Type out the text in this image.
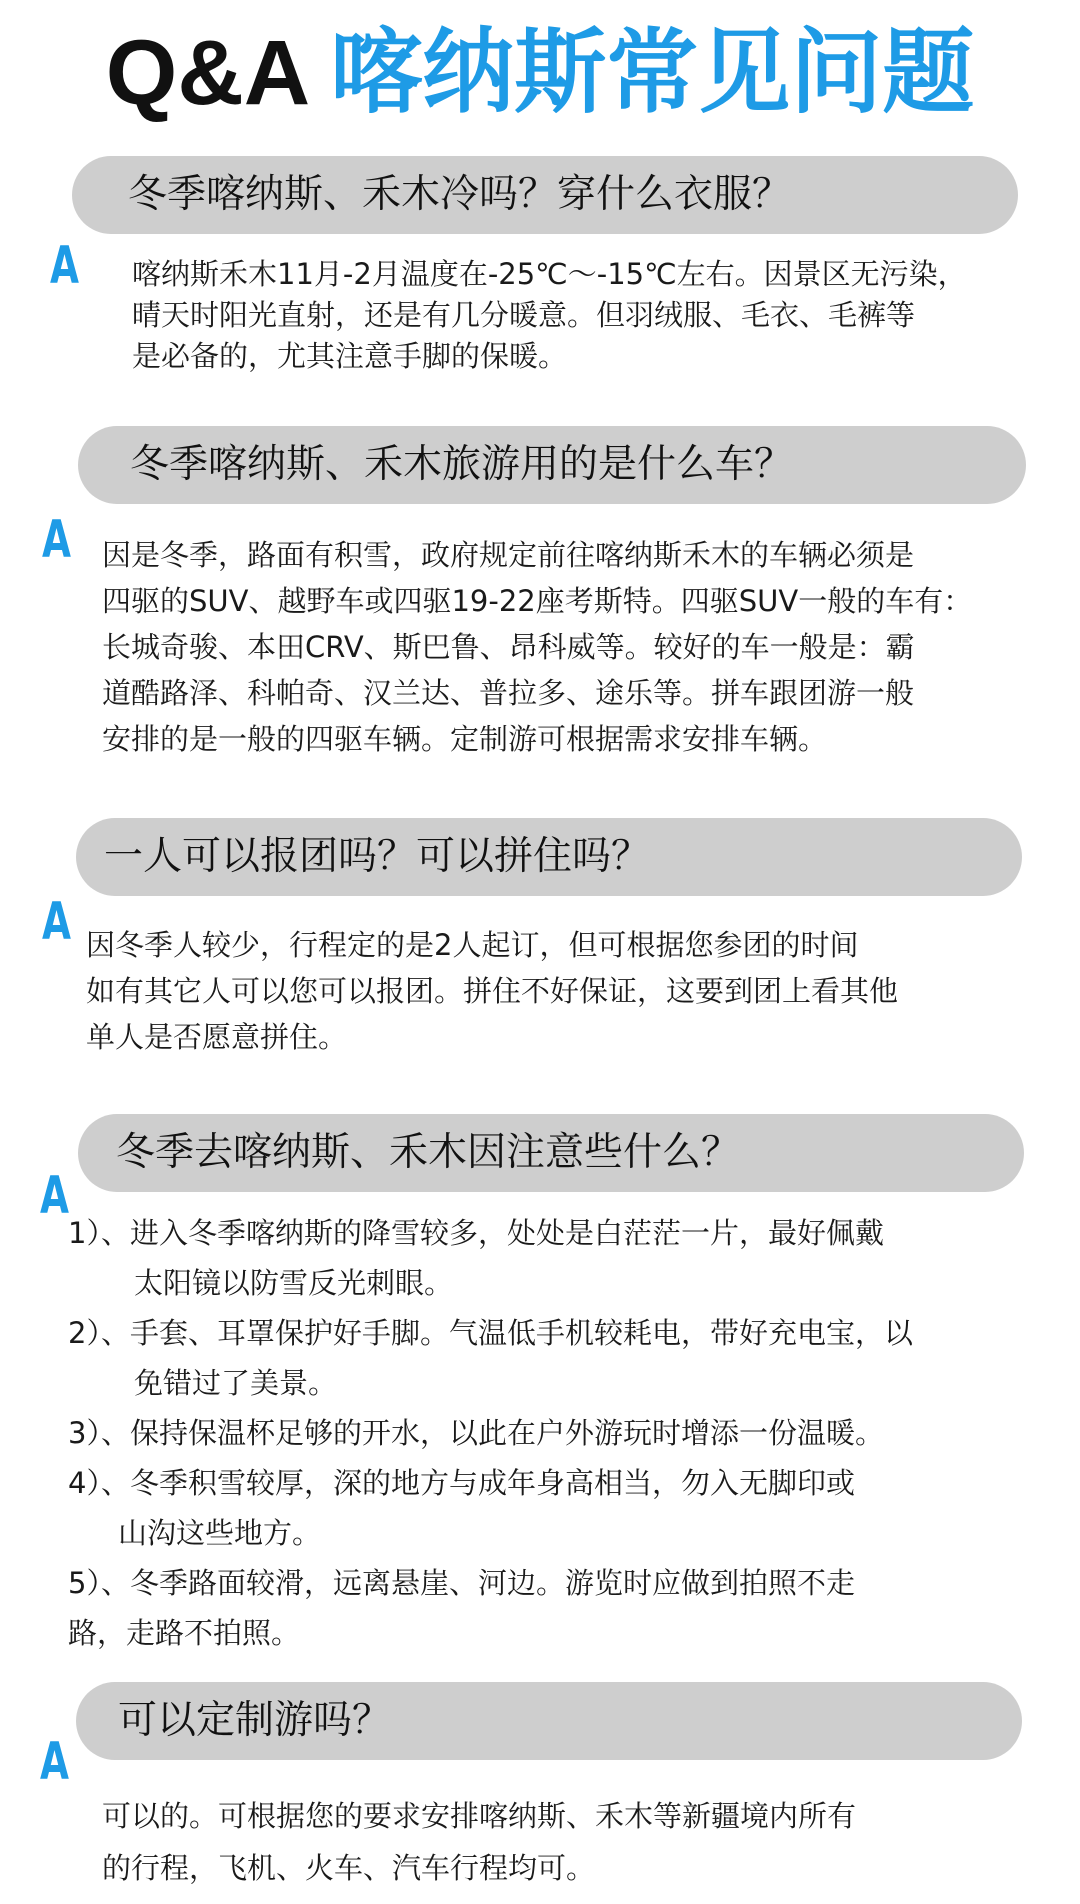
Q&A 喀纳斯常见问题
冬季喀纳斯、禾木冷吗？穿什么衣服？
A 喀纳斯禾木11月-2月温度在-25℃～-15℃左右。因景区无污染，

晴天时阳光直射，还是有几分暖意。但羽绒服、毛衣、毛裤等

是必备的，尤其注意手脚的保暖。

冬季喀纳斯、禾木旅游用的是什么车？
A 因是冬季，路面有积雪，政府规定前往喀纳斯禾木的车辆必须是

四驱的SUV、越野车或四驱19-22座考斯特。四驱SUV一般的车有：

长城奇骏、本田CRV、斯巴鲁、昂科威等。较好的车一般是：霸

道酷路泽、科帕奇、汉兰达、普拉多、途乐等。拼车跟团游一般

安排的是一般的四驱车辆。定制游可根据需求安排车辆。

一人可以报团吗？可以拼住吗？
A 因冬季人较少，行程定的是2人起订，但可根据您参团的时间

如有其它人可以您可以报团。拼住不好保证，这要到团上看其他

单人是否愿意拼住。

冬季去喀纳斯、禾木因注意些什么？
A

1）、进入冬季喀纳斯的降雪较多，处处是白茫茫一片，最好佩戴

太阳镜以防雪反光刺眼。

2）、手套、耳罩保护好手脚。气温低手机较耗电，带好充电宝，以

免错过了美景。

3）、保持保温杯足够的开水，以此在户外游玩时增添一份温暖。

4）、冬季积雪较厚，深的地方与成年身高相当，勿入无脚印或

山沟这些地方。

5）、冬季路面较滑，远离悬崖、河边。游览时应做到拍照不走

路，走路不拍照。

可以定制游吗？
A

可以的。可根据您的要求安排喀纳斯、禾木等新疆境内所有

的行程，飞机、火车、汽车行程均可。
